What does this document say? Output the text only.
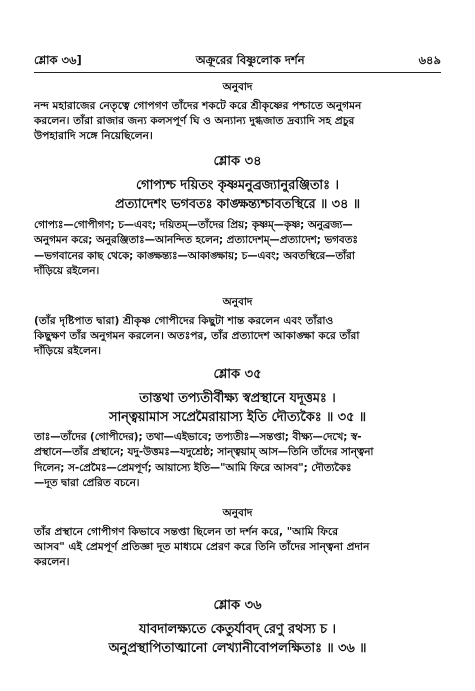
শ্লোক ৩৬]	অক্রূরের বিষ্ণুলোক দর্শন	৬৪৯
অনুবাদ

নন্দ মহারাজের নেতৃত্বে গোপগণ তাঁদের শকটে করে শ্রীকৃষ্ণের পশ্চাতে অনুগমন

করলেন। তাঁরা রাজার জন্য কলসপূর্ণ ঘি ও অন্যান্য দুগ্ধজাত দ্রব্যাদি সহ প্রচুর

উপহারাদি সঙ্গে নিয়েছিলেন।

শ্লোক ৩৪
গোপ্যশ্চ দয়িতং কৃষ্ণমনুব্রজ্যানুরঞ্জিতাঃ ।
প্রত্যাদেশং ভগবতঃ কাঙ্ক্ষন্ত্যশ্চাবতস্থিরে ॥ ৩৪ ॥

গোপ্যঃ—গোপীগণ; চ—এবং; দয়িতম্—তাঁদের প্রিয়; কৃষ্ণম্—কৃষ্ণ; অনুব্রজ্য—

অনুগমন করে; অনুরঞ্জিতাঃ—আনন্দিত হলেন; প্রত্যাদেশম্—প্রত্যাদেশ; ভগবতঃ

—ভগবানের কাছ থেকে; কাঙ্ক্ষন্ত্যঃ—আকাঙ্ক্ষায়; চ—এবং; অবতস্থিরে—তাঁরা

দাঁড়িয়ে রইলেন।

অনুবাদ

(তাঁর দৃষ্টিপাত দ্বারা) শ্রীকৃষ্ণ গোপীদের কিছুটা শান্ত করলেন এবং তাঁরাও

কিছুক্ষণ তাঁর অনুগমন করলেন। অতঃপর, তাঁর প্রত্যাদেশ আকাঙ্ক্ষা করে তাঁরা

দাঁড়িয়ে রইলেন।

শ্লোক ৩৫
তাস্তথা তপ্যতীর্বীক্ষ্য স্বপ্রস্থানে যদূত্তমঃ ।
সান্ত্বয়ামাস সপ্রেমৈরায়াস্য ইতি দৌত্যকৈঃ ॥ ৩৫ ॥

তাঃ—তাঁদের (গোপীদের); তথা—এইভাবে; তপ্যতীঃ—সন্তপ্তা; বীক্ষ্য—দেখে; স্ব-

প্রস্থানে—তাঁর প্রস্থানে; যদু-উত্তমঃ—যদুশ্রেষ্ঠ; সান্ত্বয়াম্ আস—তিনি তাঁদের সান্ত্বনা

দিলেন; স-প্রেমৈঃ—প্রেমপূর্ণ; আয়াস্যে ইতি—"আমি ফিরে আসব"; দৌত্যকৈঃ

—দূত দ্বারা প্রেরিত বচনে।

অনুবাদ

তাঁর প্রস্থানে গোপীগণ কিভাবে সন্তপ্তা ছিলেন তা দর্শন করে, "আমি ফিরে

আসব" এই প্রেমপূর্ণ প্রতিজ্ঞা দূত মাধ্যমে প্রেরণ করে তিনি তাঁদের সান্ত্বনা প্রদান

করলেন।

শ্লোক ৩৬
যাবদালক্ষ্যতে কেতুর্যাবদ্ রেণু রথস্য চ ।
অনুপ্রস্থাপিতাত্মানো লেখ্যানীবোপলক্ষিতাঃ ॥ ৩৬ ॥
